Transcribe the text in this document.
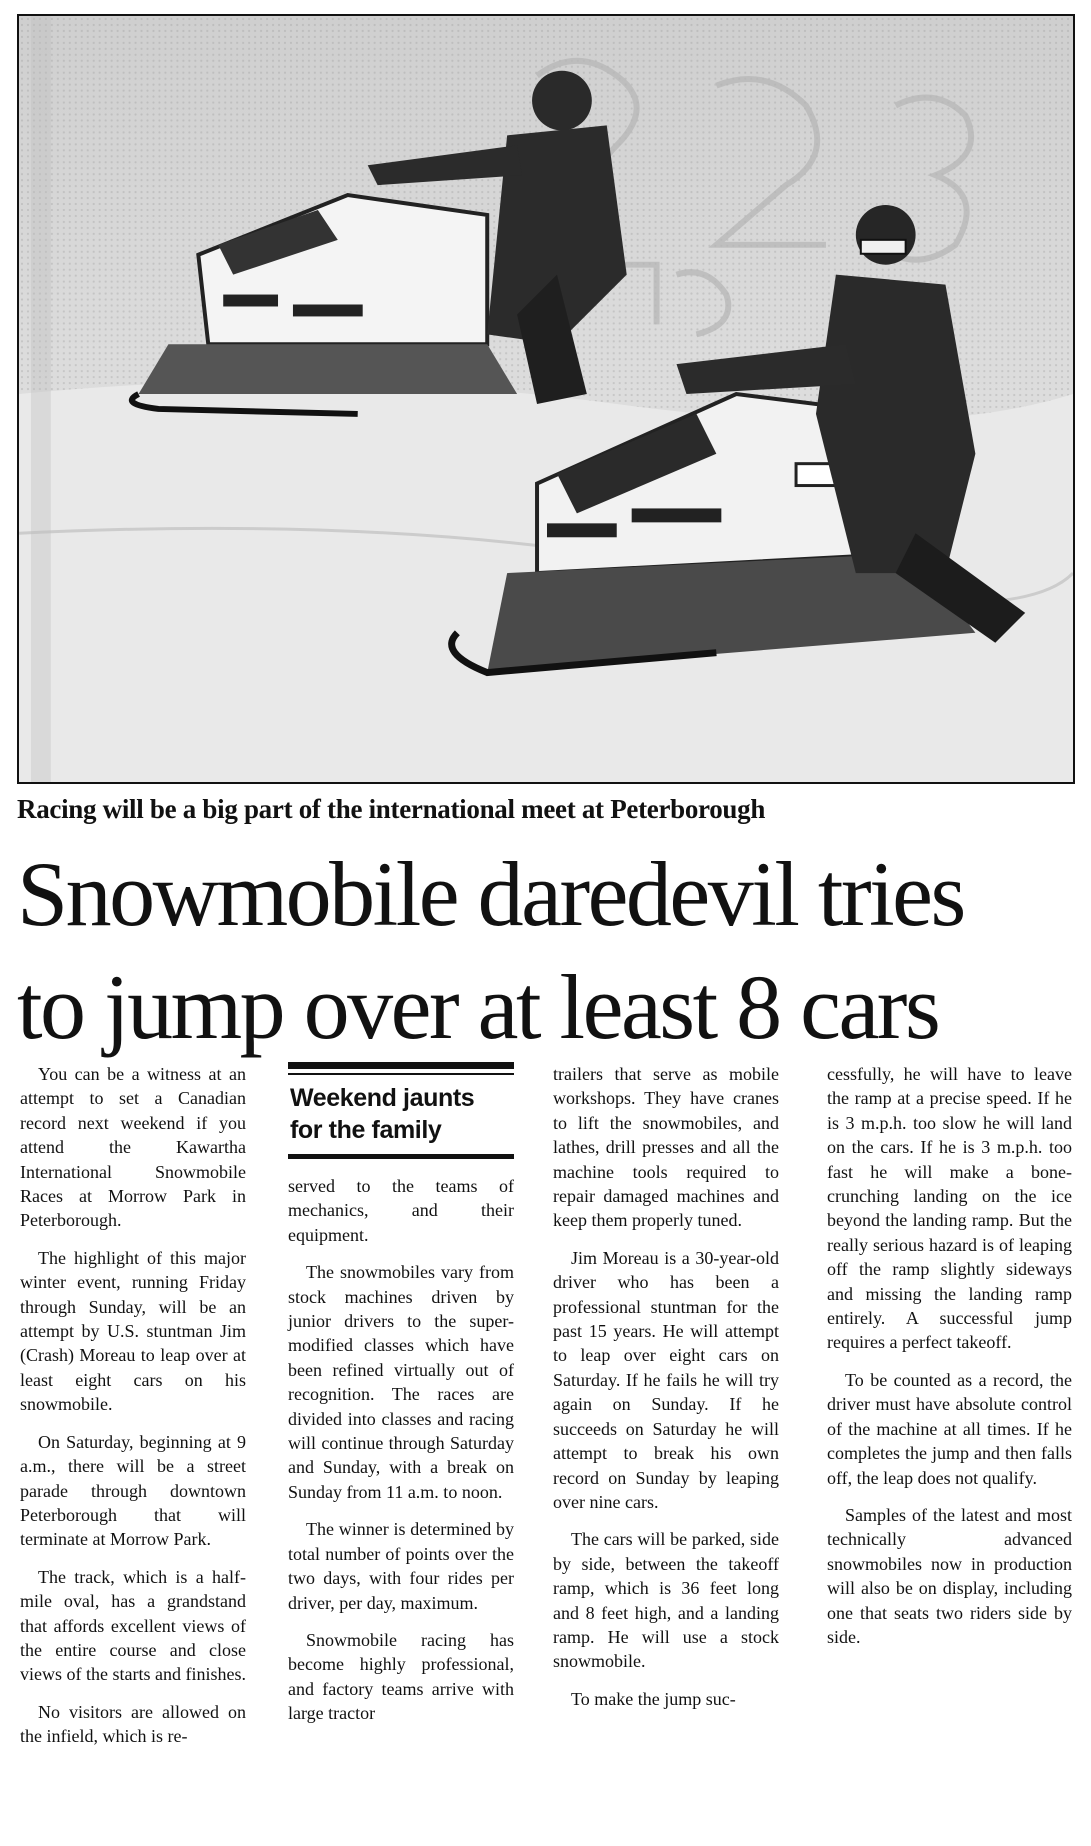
Racing will be a big part of the international meet at Peterborough
Snowmobile daredevil tries
to jump over at least 8 cars

You can be a witness at an attempt to set a Canadian record next weekend if you attend the Kawartha International Snowmobile Races at Morrow Park in Peterborough.

The highlight of this major winter event, running Friday through Sunday, will be an attempt by U.S. stuntman Jim (Crash) Moreau to leap over at least eight cars on his snowmobile.

On Saturday, beginning at 9 a.m., there will be a street parade through downtown Peterborough that will terminate at Morrow Park.

The track, which is a half-mile oval, has a grandstand that affords excellent views of the entire course and close views of the starts and finishes.

No visitors are allowed on the infield, which is re-

Weekend jaunts
for the family

served to the teams of mechanics, and their equipment.

The snowmobiles vary from stock machines driven by junior drivers to the super-modified classes which have been refined virtually out of recognition. The races are divided into classes and racing will continue through Saturday and Sunday, with a break on Sunday from 11 a.m. to noon.

The winner is determined by total number of points over the two days, with four rides per driver, per day, maximum.

Snowmobile racing has become highly professional, and factory teams arrive with large tractor

trailers that serve as mobile workshops. They have cranes to lift the snowmobiles, and lathes, drill presses and all the machine tools required to repair damaged machines and keep them properly tuned.

Jim Moreau is a 30-year-old driver who has been a professional stuntman for the past 15 years. He will attempt to leap over eight cars on Saturday. If he fails he will try again on Sunday. If he succeeds on Saturday he will attempt to break his own record on Sunday by leaping over nine cars.

The cars will be parked, side by side, between the takeoff ramp, which is 36 feet long and 8 feet high, and a landing ramp. He will use a stock snowmobile.

To make the jump suc-

cessfully, he will have to leave the ramp at a precise speed. If he is 3 m.p.h. too slow he will land on the cars. If he is 3 m.p.h. too fast he will make a bone-crunching landing on the ice beyond the landing ramp. But the really serious hazard is of leaping off the ramp slightly sideways and missing the landing ramp entirely. A successful jump requires a perfect takeoff.

To be counted as a record, the driver must have absolute control of the machine at all times. If he completes the jump and then falls off, the leap does not qualify.

Samples of the latest and most technically advanced snowmobiles now in production will also be on display, including one that seats two riders side by side.
